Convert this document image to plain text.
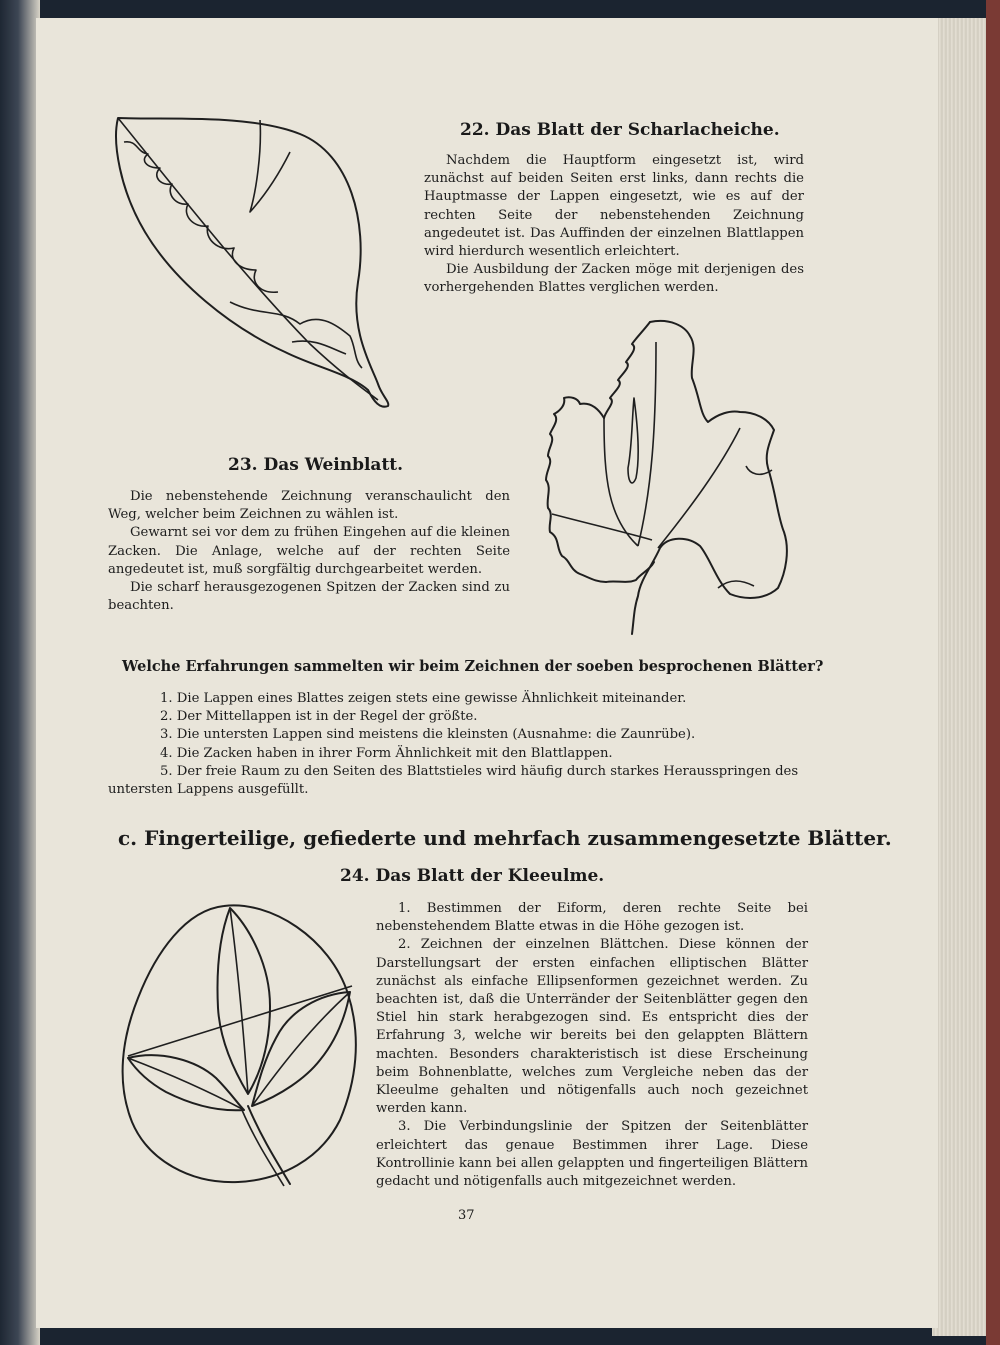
22. Das Blatt der Scharlacheiche.

Nachdem die Hauptform eingesetzt ist, wird zunächst auf beiden Seiten erst links, dann rechts die Hauptmasse der Lappen eingesetzt, wie es auf der rechten Seite der nebenstehenden Zeichnung angedeutet ist. Das Auffinden der einzelnen Blattlappen wird hierdurch wesentlich erleichtert.

Die Ausbildung der Zacken möge mit derjenigen des vorhergehenden Blattes verglichen werden.

23. Das Weinblatt.

Die nebenstehende Zeichnung veranschaulicht den Weg, welcher beim Zeichnen zu wählen ist.

Gewarnt sei vor dem zu frühen Eingehen auf die kleinen Zacken. Die Anlage, welche auf der rechten Seite angedeutet ist, muß sorgfältig durchgearbeitet werden.

Die scharf herausgezogenen Spitzen der Zacken sind zu beachten.

Welche Erfahrungen sammelten wir beim Zeichnen der soeben besprochenen Blätter?
1. Die Lappen eines Blattes zeigen stets eine gewisse Ähnlichkeit miteinander.
2. Der Mittellappen ist in der Regel der größte.
3. Die untersten Lappen sind meistens die kleinsten (Ausnahme: die Zaunrübe).
4. Die Zacken haben in ihrer Form Ähnlichkeit mit den Blattlappen.
5. Der freie Raum zu den Seiten des Blattstieles wird häufig durch starkes Herausspringen des untersten Lappens ausgefüllt.
c. Fingerteilige, gefiederte und mehrfach zusammengesetzte Blätter.
24. Das Blatt der Kleeulme.

1. Bestimmen der Eiform, deren rechte Seite bei nebenstehendem Blatte etwas in die Höhe gezogen ist.

2. Zeichnen der einzelnen Blättchen. Diese können der Darstellungsart der ersten einfachen elliptischen Blätter zunächst als einfache Ellipsenformen gezeichnet werden. Zu beachten ist, daß die Unterränder der Seitenblätter gegen den Stiel hin stark herabgezogen sind. Es entspricht dies der Erfahrung 3, welche wir bereits bei den gelappten Blättern machten. Besonders charakteristisch ist diese Erscheinung beim Bohnenblatte, welches zum Vergleiche neben das der Kleeulme gehalten und nötigenfalls auch noch gezeichnet werden kann.

3. Die Verbindungslinie der Spitzen der Seitenblätter erleichtert das genaue Bestimmen ihrer Lage. Diese Kontrollinie kann bei allen gelappten und fingerteiligen Blättern gedacht und nötigenfalls auch mitgezeichnet werden.

37
